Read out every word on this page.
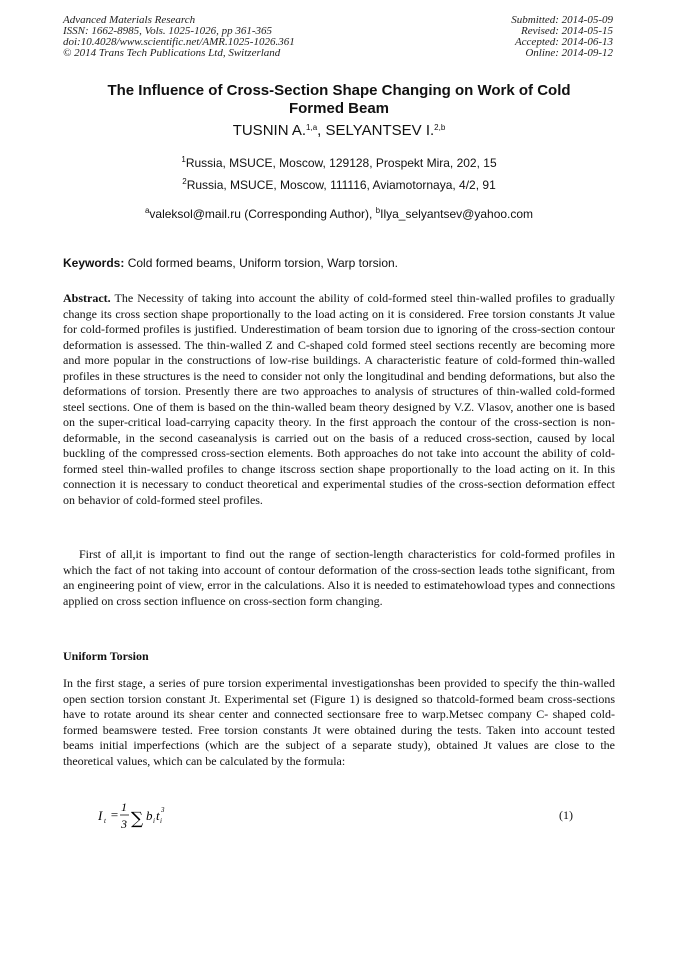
Advanced Materials Research
ISSN: 1662-8985, Vols. 1025-1026, pp 361-365
doi:10.4028/www.scientific.net/AMR.1025-1026.361
© 2014 Trans Tech Publications Ltd, Switzerland
Submitted: 2014-05-09
Revised: 2014-05-15
Accepted: 2014-06-13
Online: 2014-09-12
The Influence of Cross-Section Shape Changing on Work of Cold Formed Beam
TUSNIN A.$^{1,a}$, SELYANTSEV I.$^{2,b}$
$^1$Russia, MSUCE, Moscow, 129128, Prospekt Mira, 202, 15
$^2$Russia, MSUCE, Moscow, 111116, Aviamotornaya, 4/2, 91
$^a$valeksol@mail.ru (Corresponding Author), $^b$Ilya_selyantsev@yahoo.com
Keywords: Cold formed beams, Uniform torsion, Warp torsion.
Abstract. The Necessity of taking into account the ability of cold-formed steel thin-walled profiles to gradually change its cross section shape proportionally to the load acting on it is considered. Free torsion constants Jt value for cold-formed profiles is justified. Underestimation of beam torsion due to ignoring of the cross-section contour deformation is assessed. The thin-walled Z and C-shaped cold formed steel sections recently are becoming more and more popular in the constructions of low-rise buildings. A characteristic feature of cold-formed thin-walled profiles in these structures is the need to consider not only the longitudinal and bending deformations, but also the deformations of torsion. Presently there are two approaches to analysis of structures of thin-walled cold-formed steel sections. One of them is based on the thin-walled beam theory designed by V.Z. Vlasov, another one is based on the super-critical load-carrying capacity theory. In the first approach the contour of the cross-section is non-deformable, in the second caseanalysis is carried out on the basis of a reduced cross-section, caused by local buckling of the compressed cross-section elements. Both approaches do not take into account the ability of cold-formed steel thin-walled profiles to change itscross section shape proportionally to the load acting on it. In this connection it is necessary to conduct theoretical and experimental studies of the cross-section deformation effect on behavior of cold-formed steel profiles.
First of all,it is important to find out the range of section-length characteristics for cold-formed profiles in which the fact of not taking into account of contour deformation of the cross-section leads tothe significant, from an engineering point of view, error in the calculations. Also it is needed to estimatehowload types and connections applied on cross section influence on cross-section form changing.
Uniform Torsion
In the first stage, a series of pure torsion experimental investigationshas been provided to specify the thin-walled open section torsion constant Jt. Experimental set (Figure 1) is designed so thatcold-formed beam cross-sections have to rotate around its shear center and connected sectionsare free to warp.Metsec company C- shaped cold-formed beamswere tested. Free torsion constants Jt were obtained during the tests. Taken into account tested beams initial imperfections (which are the subject of a separate study), obtained Jt values are close to the theoretical values, which can be calculated by the formula:
I t = 1
3 ∑ b i t i
3	(1)
